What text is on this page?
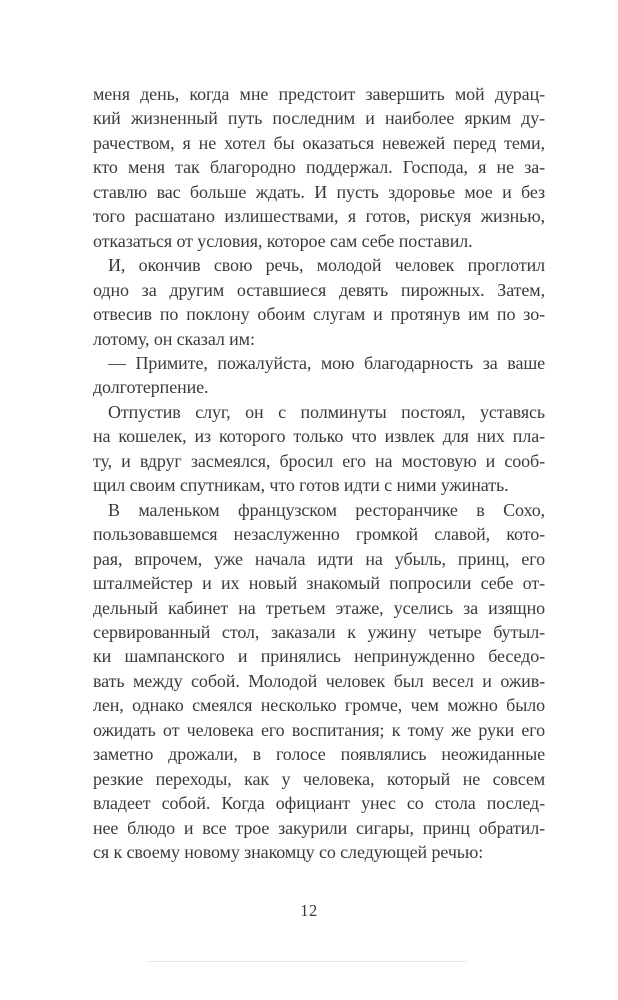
меня день, когда мне предстоит завершить мой дурац-
кий жизненный путь последним и наиболее ярким ду-
рачеством, я не хотел бы оказаться невежей перед теми,
кто меня так благородно поддержал. Господа, я не за-
ставлю вас больше ждать. И пусть здоровье мое и без
того расшатано излишествами, я готов, рискуя жизнью,
отказаться от условия, которое сам себе поставил.
И, окончив свою речь, молодой человек проглотил
одно за другим оставшиеся девять пирожных. Затем,
отвесив по поклону обоим слугам и протянув им по зо-
лотому, он сказал им:
— Примите, пожалуйста, мою благодарность за ваше
долготерпение.
Отпустив слуг, он с полминуты постоял, уставясь
на кошелек, из которого только что извлек для них пла-
ту, и вдруг засмеялся, бросил его на мостовую и сооб-
щил своим спутникам, что готов идти с ними ужинать.
В маленьком французском ресторанчике в Сохо,
пользовавшемся незаслуженно громкой славой, кото-
рая, впрочем, уже начала идти на убыль, принц, его
шталмейстер и их новый знакомый попросили себе от-
дельный кабинет на третьем этаже, уселись за изящно
сервированный стол, заказали к ужину четыре бутыл-
ки шампанского и принялись непринужденно беседо-
вать между собой. Молодой человек был весел и ожив-
лен, однако смеялся несколько громче, чем можно было
ожидать от человека его воспитания; к тому же руки его
заметно дрожали, в голосе появлялись неожиданные
резкие переходы, как у человека, который не совсем
владеет собой. Когда официант унес со стола послед-
нее блюдо и все трое закурили сигары, принц обратил-
ся к своему новому знакомцу со следующей речью:
12
